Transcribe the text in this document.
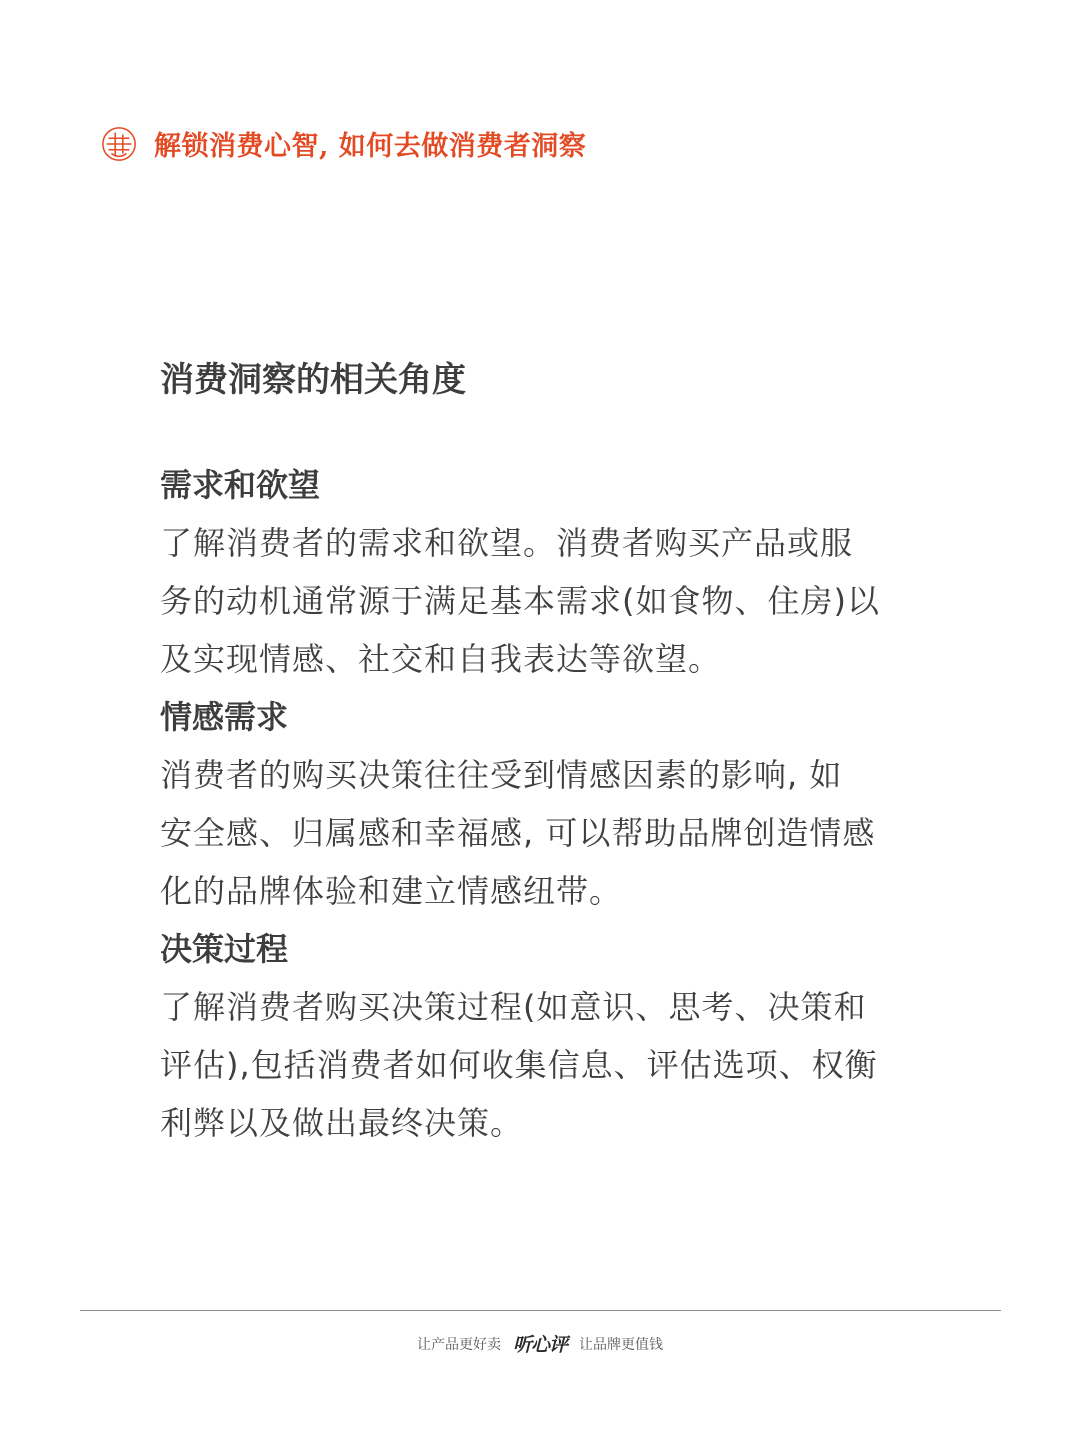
解锁消费心智, 如何去做消费者洞察
消费洞察的相关角度
需求和欲望

了解消费者的需求和欲望。消费者购买产品或服

务的动机通常源于满足基本需求(如食物、住房)以

及实现情感、社交和自我表达等欲望。

情感需求

消费者的购买决策往往受到情感因素的影响, 如

安全感、归属感和幸福感, 可以帮助品牌创造情感

化的品牌体验和建立情感纽带。

决策过程

了解消费者购买决策过程(如意识、思考、决策和

评估),包括消费者如何收集信息、评估选项、权衡

利弊以及做出最终决策。

让产品更好卖 听心评 让品牌更值钱
